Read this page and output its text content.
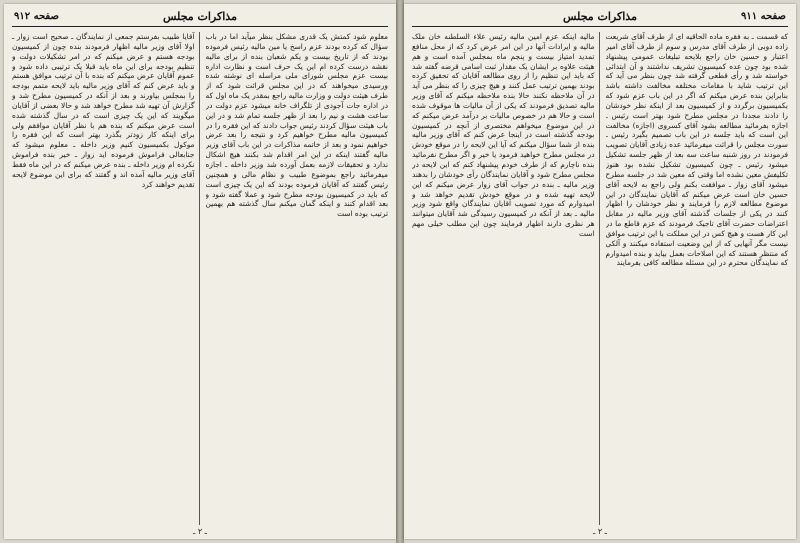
صفحه ۹۱۲	مذاکرات مجلس

معلوم شود کمتش یک قدری مشکل بنظر میآید اما در باب سؤال که کرده بودند عزم راسخ یا مین مالیه رئیس فرموده بودند که از تاریخ بیست و یکم شعبان بنده از برای مالیه نقشه درست کرده ام این یک حرف است و نظارت اداره بیست عزم مجلس شورای ملی مراسله ای نوشته شده ورسیدی میخواهند که در این مجلس قرائت شود که از طرف هیئت دولت و وزارت مالیه راجع بمقدر یک ماه اول که در اداره جات آجودی از تلگراف خانه میشود عزم دولت در ساعت هشت و نیم را بعد از ظهر جلسه تمام شد و در این باب هیئت سؤال کردند رئیس جواب دادند که این فقره را در کمیسیون ماليه مطرح خواهیم کرد و نتیجه را بعد عرض خواهیم نمود و بعد از خاتمه مذاکرات در این باب آقای وزیر مالیه گفتند اینکه در این امر اقدام شد بکنند هیچ اشکال ندارد و تحقیقات لازمه بعمل آورده شد وزیر داخله ـ اجازه میفرمائید راجع بموضوع طبیب و نظام مالی و همچنین رئیس گفتند که آقایان فرموده بودند که این یک چیزی است که باید در کمیسیون بودجه مطرح شود و عملا گفته شود و بعد اقدام کنند و اینکه گمان میکنم سال گذشته هم بهمین ترتیب بوده است

آقایا طبیب بفرستم جمعی از نمایندگان ـ صحیح است زوار ـ اولا آقای وزیر مالیه اظهار فرمودند بنده چون از کمیسیون بودجه هستم و عرض میکنم که در امر تشکیلات دولت و تنظیم بودجه برای این ماه باید قبلا یک ترتیبی داده شود و عموم آقایان عرض میکنم که بنده با آن ترتیب موافق هستم و باید عرض کنم که آقای وزیر مالیه باید لایحه متمم بودجه را بمجلس بیاورند و بعد از آنکه در کمیسیون مطرح شد و گزارش آن تهیه شد مطرح خواهد شد و حالا بعضی از آقایان میگویند که این یک چیزی است که در سال گذشته شده است عرض میکنم که بنده هم با نظر آقایان موافقم ولی برای اینکه کار زودتر بگذرد بهتر است که این فقره را موکول بکمیسیون کنیم وزیر داخله ـ معلوم میشود که جنابعالی فراموش فرموده اید زوار ـ خیر بنده فراموش نکرده ام وزیر داخله ـ بنده عرض میکنم که در این ماه فقط آقای وزیر مالیه آمده اند و گفتند که برای این موضوع لایحه تقدیم خواهند کرد

ـ ۲ ـ
صفحه ۹۱۱
مذاکرات مجلس

که قسمت ـ به فقره ماده الحاقیه ای از طرف آقای شریعت زاده دوبی از طرف آقای مدرس و سوم از طرف آقای امیر اعتبار و حسین خان راجع بلایحه تبلیغات عمومی پیشنهاد شده بود چون عده کمیسیون تشریف نداشتند و آن ابتدائی خواسته شد و رأی قطعی گرفته شد چون بنظر می آید که این ترتیب شاید با مقامات مختلفه مخالفت داشته باشد بنابراین بنده عرض میکنم که اگر در این باب عزم شود که بکمیسیون برگردد و از کمیسیون بعد از اینکه نظر خودشان را دادند مجددا در مجلس مطرح شود بهتر است رئیس ـ اجازه بفرمائید مطالعه بشود آقای کسروی (اجازه) مخالفت این است که باید جلسه در این باب تصمیم بگیرد رئیس ـ سورت مجلس را قرائت میفرمائید عده زیادی آقایان تصویب فرمودند در روز شنبه ساعت سه بعد از ظهر جلسه تشکیل میشود رئیس ـ چون کمیسیون تشکیل نشده بود هنوز تکلیفش معین نشده اما وقتی که معین شد در جلسه مطرح میشود آقای زوار ـ موافقت بکنم ولی راجع به لایحه آقای حسین خان است عرض میکنم که آقایان نمایندگان در این موضوع مطالعه لازم را فرمایند و نظر خودشان را اظهار کنند در یکی از جلسات گذشته آقای وزیر مالیه در مقابل اعتراضات حضرت آقای تاجیک فرمودند که عزم قاطع ما در این کار هست و هیچ کس در این مملکت با این ترتیب موافق نیست مگر آنهایی که از این وضعیت استفاده میکنند و آلکی که منتظر هستند که این اصلاحات بعمل بیاید و بنده امیدوارم که نمایندگان محترم در این مسئله مطالعه کافی بفرمایند

مالیه اینکه عزم امین مالیه رئیس علاء السلطنه خان ملک مالیه و ایرادات آنها در این امر عرض کرد که از محل منافع تمدید امتیاز بیست و پنجم ماه بمجلس آمده است و هم هیئت علاوه بر ایشان یک مقدار ثبت اسامی قرضه گفته شد که باید این تنظیم را از روی مطالعه آقایان که تحقیق کرده بودند بهمین ترتیب عمل کنند و هیچ چیزی را که بنظر می آید در آن ملاحظه نکنند حالا بنده ملاحظه میکنم که آقای وزیر مالیه تصدیق فرمودند که یکی از آن مالیات ها موقوف شده است و حالا هم در خصوص مالیات بر درآمد عرض میکنم که در این موضوع میخواهم مختصری از آنچه در کمیسیون بودجه گذشته است در اینجا عرض کنم که آقای وزیر مالیه بنده از شما سؤال میکنم که آیا این لایحه را در موقع خودش در مجلس مطرح خواهید فرمود یا خیر و اگر مطرح نفرمائید بنده ناچارم که از طرف خودم پیشنهاد کنم که این لایحه در مجلس مطرح شود و آقایان نمایندگان رأی خودشان را بدهند وزیر مالیه ـ بنده در جواب آقای زوار عرض میکنم که این لایحه تهیه شده و در موقع خودش تقدیم خواهد شد و امیدوارم که مورد تصویب آقایان نمایندگان واقع شود وزیر مالیه ـ بعد از آنکه در کمیسیون رسیدگی شد آقایان میتوانند هر نظری دارند اظهار فرمایند چون این مطلب خیلی مهم است

ـ ۲ ـ
